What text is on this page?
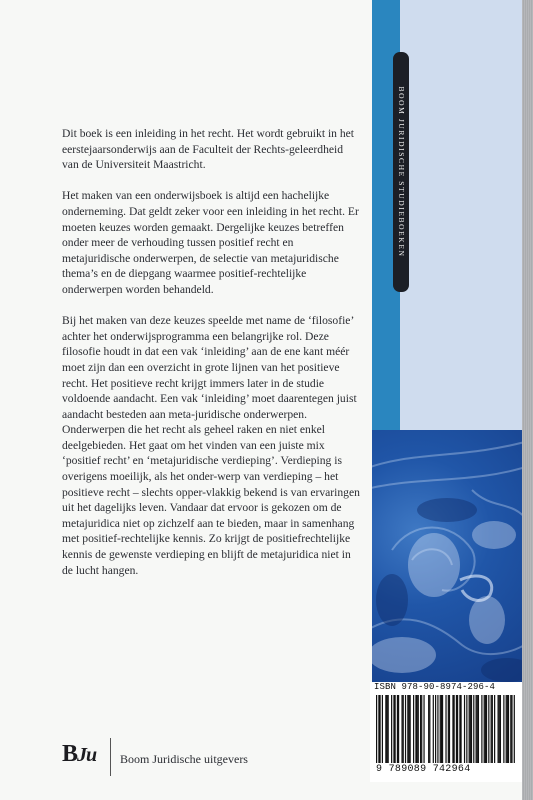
BOOM JURIDISCHE STUDIEBOEKEN

Dit boek is een inleiding in het recht. Het wordt gebruikt in het eerstejaarsonderwijs aan de Faculteit der Rechts-geleerdheid van de Universiteit Maastricht.

Het maken van een onderwijsboek is altijd een hachelijke onderneming. Dat geldt zeker voor een inleiding in het recht. Er moeten keuzes worden gemaakt. Dergelijke keuzes betreffen onder meer de verhouding tussen positief recht en metajuridische onderwerpen, de selectie van metajuridische thema’s en de diepgang waarmee positief-rechtelijke onderwerpen worden behandeld.

Bij het maken van deze keuzes speelde met name de ‘filosofie’ achter het onderwijsprogramma een belangrijke rol. Deze filosofie houdt in dat een vak ‘inleiding’ aan de ene kant méér moet zijn dan een overzicht in grote lijnen van het positieve recht. Het positieve recht krijgt immers later in de studie voldoende aandacht. Een vak ‘inleiding’ moet daarentegen juist aandacht besteden aan meta-juridische onderwerpen. Onderwerpen die het recht als geheel raken en niet enkel deelgebieden. Het gaat om het vinden van een juiste mix ‘positief recht’ en ‘metajuridische verdieping’. Verdieping is overigens moeilijk, als het onder-werp van verdieping – het positieve recht – slechts opper-vlakkig bekend is van ervaringen uit het dagelijks leven. Vandaar dat ervoor is gekozen om de metajuridica niet op zichzelf aan te bieden, maar in samenhang met positief-rechtelijke kennis. Zo krijgt de positiefrechtelijke kennis de gewenste verdieping en blijft de metajuridica niet in de lucht hangen.

ISBN 978-90-8974-296-4
9 789089 742964
BJu Boom Juridische uitgevers
